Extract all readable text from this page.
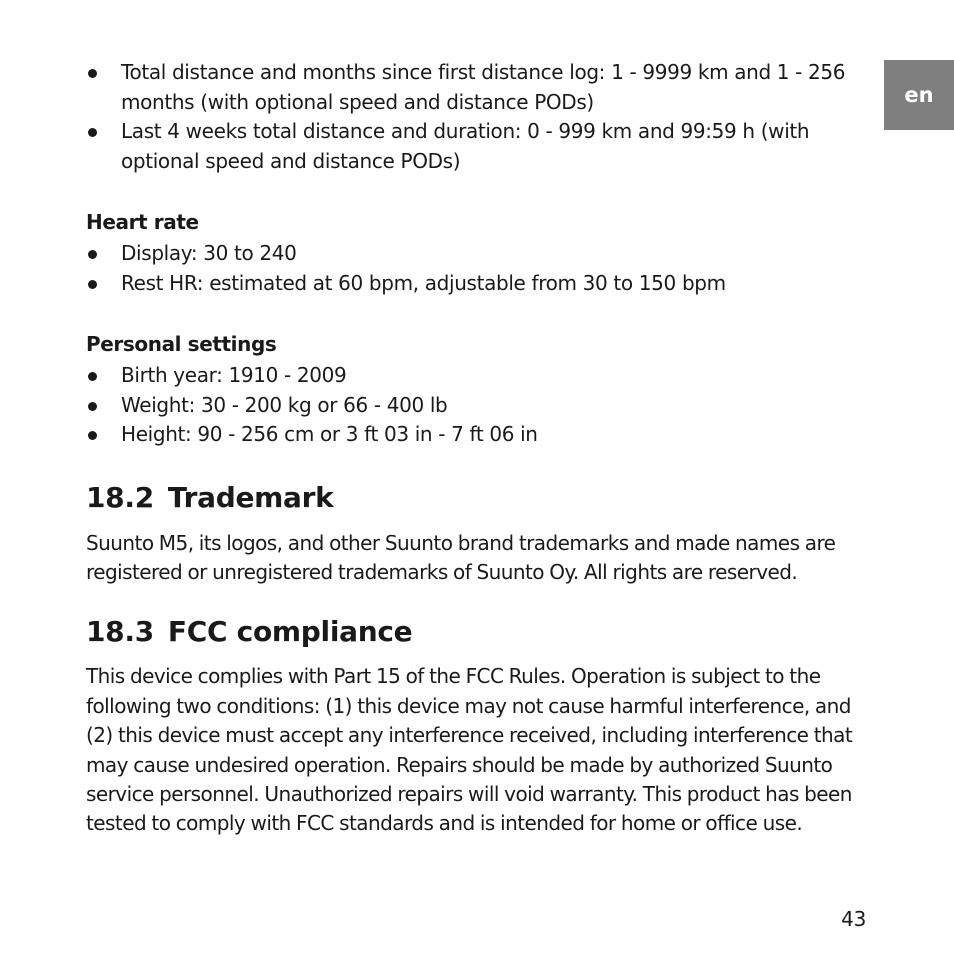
en
Total distance and months since first distance log: 1 - 9999 km and 1 - 256 months (with optional speed and distance PODs)
Last 4 weeks total distance and duration: 0 - 999 km and 99:59 h (with optional speed and distance PODs)
Heart rate
Display: 30 to 240
Rest HR: estimated at 60 bpm, adjustable from 30 to 150 bpm
Personal settings
Birth year: 1910 - 2009
Weight: 30 - 200 kg or 66 - 400 lb
Height: 90 - 256 cm or 3 ft 03 in - 7 ft 06 in
18.2 Trademark

Suunto M5, its logos, and other Suunto brand trademarks and made names are registered or unregistered trademarks of Suunto Oy. All rights are reserved.

18.3 FCC compliance

This device complies with Part 15 of the FCC Rules. Operation is subject to the following two conditions: (1) this device may not cause harmful interference, and (2) this device must accept any interference received, including interference that may cause undesired operation. Repairs should be made by authorized Suunto service personnel. Unauthorized repairs will void warranty. This product has been tested to comply with FCC standards and is intended for home or office use.

43
